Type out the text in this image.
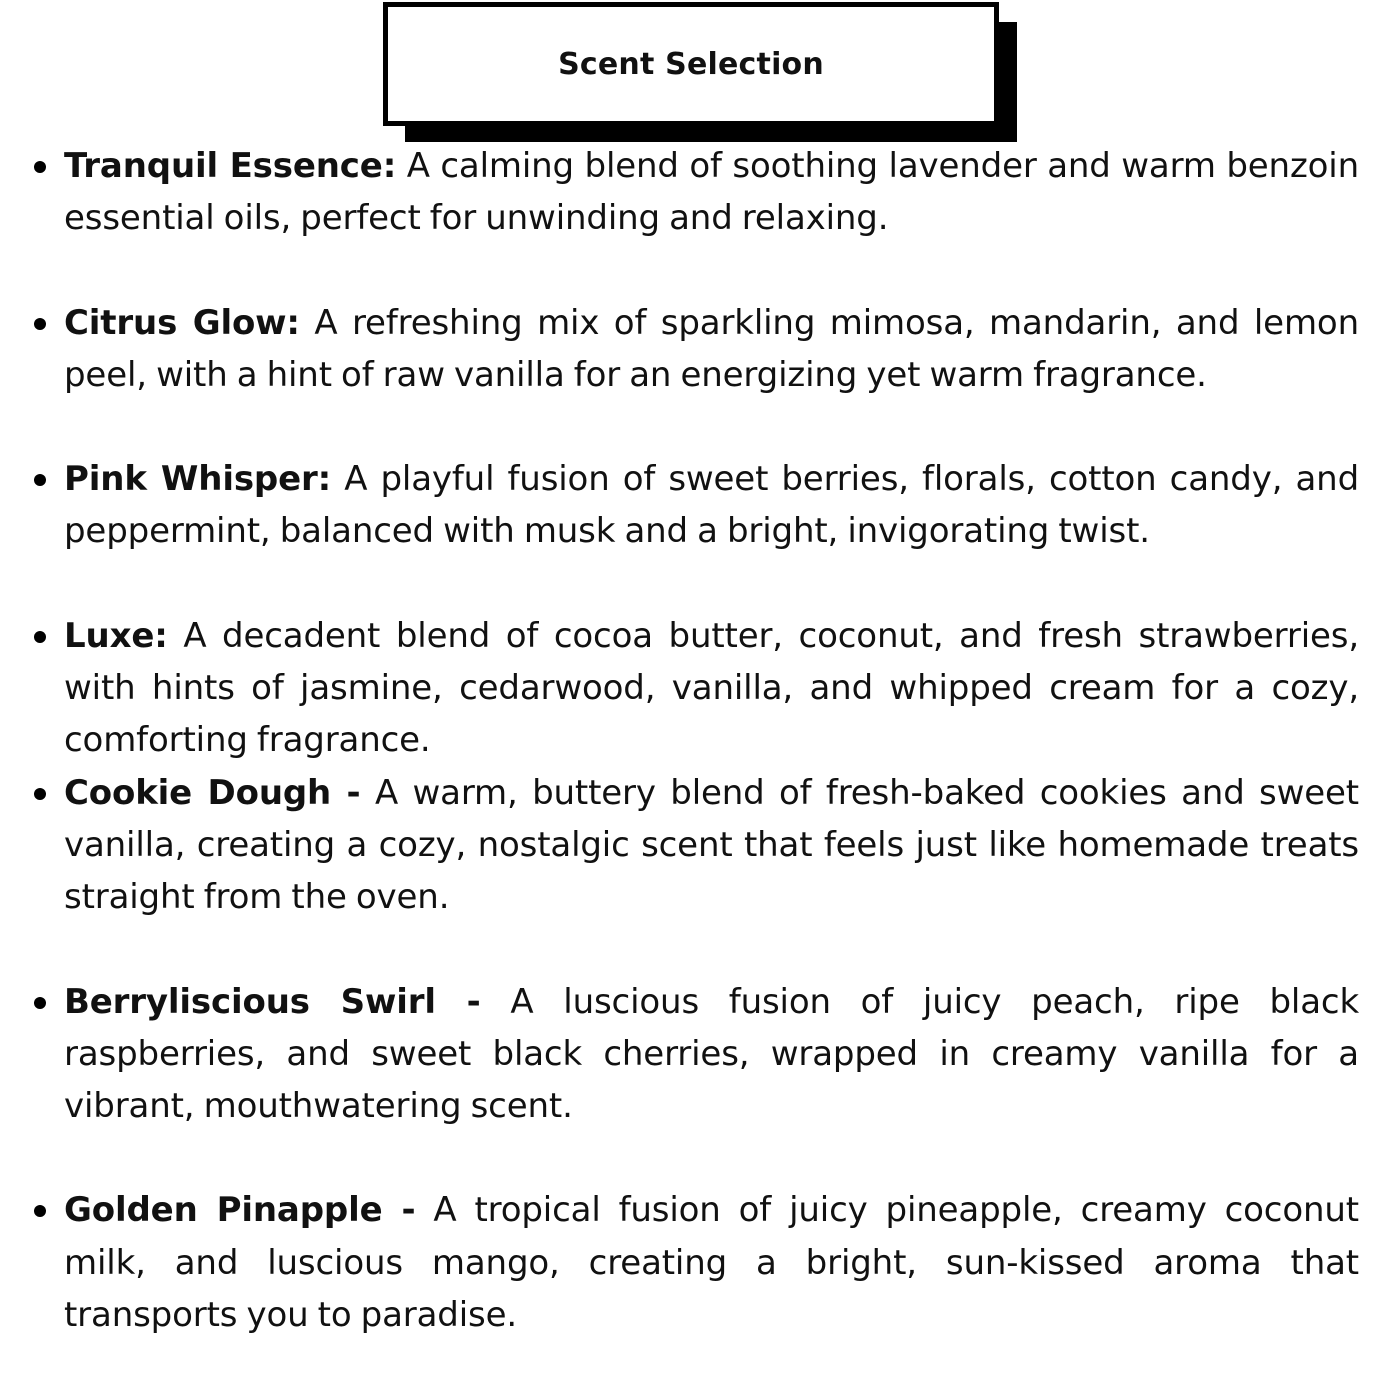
Scent Selection
Tranquil Essence: A calming blend of soothing lavender and warm benzoin essential oils, perfect for unwinding and relaxing.
Citrus Glow: A refreshing mix of sparkling mimosa, mandarin, and lemon peel, with a hint of raw vanilla for an energizing yet warm fragrance.
Pink Whisper: A playful fusion of sweet berries, florals, cotton candy, and peppermint, balanced with musk and a bright, invigorating twist.
Luxe: A decadent blend of cocoa butter, coconut, and fresh strawberries, with hints of jasmine, cedarwood, vanilla, and whipped cream for a cozy, comforting fragrance.
Cookie Dough - A warm, buttery blend of fresh-baked cookies and sweet vanilla, creating a cozy, nostalgic scent that feels just like homemade treats straight from the oven.
Berryliscious Swirl - A luscious fusion of juicy peach, ripe black raspberries, and sweet black cherries, wrapped in creamy vanilla for a vibrant, mouthwatering scent.
Golden Pinapple - A tropical fusion of juicy pineapple, creamy coconut milk, and luscious mango, creating a bright, sun-kissed aroma that transports you to paradise.
